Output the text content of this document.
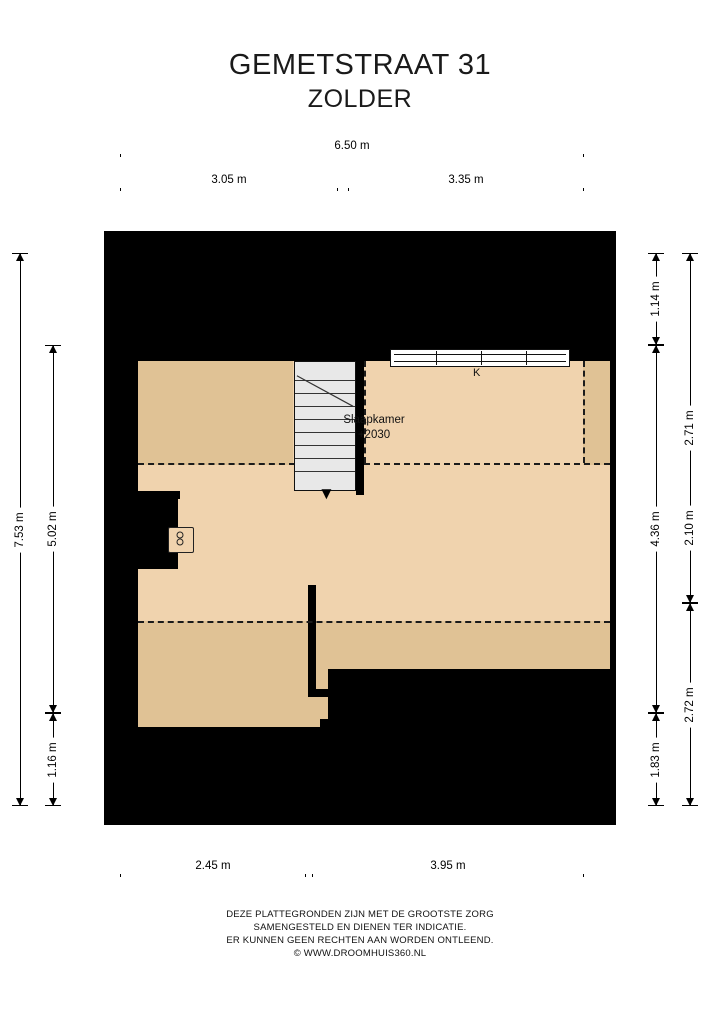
GEMETSTRAAT 31
ZOLDER
6.50 m
3.05 m	3.35 m
7.53 m 5.02 m
1.16 m
1.14 m
4.36 m
1.83 m
2.71 m
2.72 m
2.10 m
▼
K
Slaapkamer
+2030
2.45 m	3.95 m
DEZE PLATTEGRONDEN ZIJN MET DE GROOTSTE ZORG
SAMENGESTELD EN DIENEN TER INDICATIE.
ER KUNNEN GEEN RECHTEN AAN WORDEN ONTLEEND.
© WWW.DROOMHUIS360.NL
